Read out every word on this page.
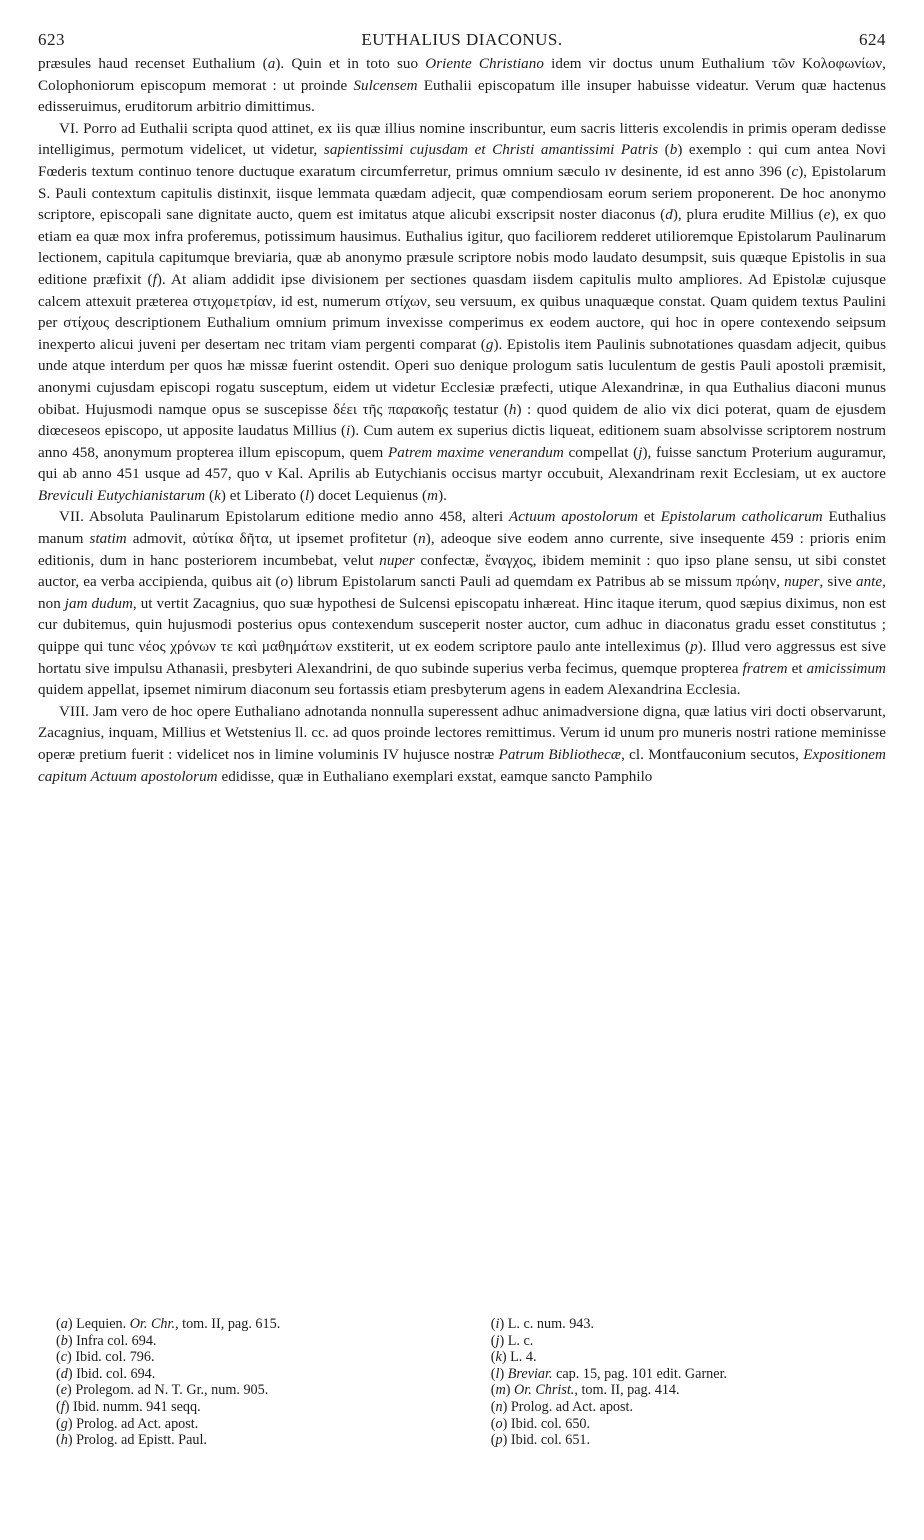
623	EUTHALIUS DIACONUS.	624

præsules haud recenset Euthalium (a). Quin et in toto suo Oriente Christiano idem vir doctus unum Euthalium τῶν Κολοφωνίων, Colophoniorum episcopum memorat : ut proinde Sulcensem Euthalii episcopatum ille insuper habuisse videatur. Verum quæ hactenus edisseruimus, eruditorum arbitrio dimittimus.

VI. Porro ad Euthalii scripta quod attinet, ex iis quæ illius nomine inscribuntur, eum sacris litteris excolendis in primis operam dedisse intelligimus, permotum videlicet, ut videtur, sapientissimi cujusdam et Christi amantissimi Patris (b) exemplo : qui cum antea Novi Fœderis textum continuo tenore ductuque exaratum circumferretur, primus omnium sæculo ıv desinente, id est anno 396 (c), Epistolarum S. Pauli contextum capitulis distinxit, iisque lemmata quædam adjecit, quæ compendiosam eorum seriem proponerent. De hoc anonymo scriptore, episcopali sane dignitate aucto, quem est imitatus atque alicubi exscripsit noster diaconus (d), plura erudite Millius (e), ex quo etiam ea quæ mox infra proferemus, potissimum hausimus. Euthalius igitur, quo faciliorem redderet utilioremque Epistolarum Paulinarum lectionem, capitula capitumque breviaria, quæ ab anonymo præsule scriptore nobis modo laudato desumpsit, suis quæque Epistolis in sua editione præfixit (f). At aliam addidit ipse divisionem per sectiones quasdam iisdem capitulis multo ampliores. Ad Epistolæ cujusque calcem attexuit præterea στιχομετρίαν, id est, numerum στίχων, seu versuum, ex quibus unaquæque constat. Quam quidem textus Paulini per στίχους descriptionem Euthalium omnium primum invexisse comperimus ex eodem auctore, qui hoc in opere contexendo seipsum inexperto alicui juveni per desertam nec tritam viam pergenti comparat (g). Epistolis item Paulinis subnotationes quasdam adjecit, quibus unde atque interdum per quos hæ missæ fuerint ostendit. Operi suo denique prologum satis luculentum de gestis Pauli apostoli præmisit, anonymi cujusdam episcopi rogatu susceptum, eidem ut videtur Ecclesiæ præfecti, utique Alexandrinæ, in qua Euthalius diaconi munus obibat. Hujusmodi namque opus se suscepisse δέει τῆς παρακοῆς testatur (h) : quod quidem de alio vix dici poterat, quam de ejusdem diœceseos episcopo, ut apposite laudatus Millius (i). Cum autem ex superius dictis liqueat, editionem suam absolvisse scriptorem nostrum anno 458, anonymum propterea illum episcopum, quem Patrem maxime venerandum compellat (j), fuisse sanctum Proterium auguramur, qui ab anno 451 usque ad 457, quo v Kal. Aprilis ab Eutychianis occisus martyr occubuit, Alexandrinam rexit Ecclesiam, ut ex auctore Breviculi Eutychianistarum (k) et Liberato (l) docet Lequienus (m).

VII. Absoluta Paulinarum Epistolarum editione medio anno 458, alteri Actuum apostolorum et Epistolarum catholicarum Euthalius manum statim admovit, αὐτίκα δῆτα, ut ipsemet profitetur (n), adeoque sive eodem anno currente, sive insequente 459 : prioris enim editionis, dum in hanc posteriorem incumbebat, velut nuper confectæ, ἔναγχος, ibidem meminit : quo ipso plane sensu, ut sibi constet auctor, ea verba accipienda, quibus ait (o) librum Epistolarum sancti Pauli ad quemdam ex Patribus ab se missum πρώην, nuper, sive ante, non jam dudum, ut vertit Zacagnius, quo suæ hypothesi de Sulcensi episcopatu inhæreat. Hinc itaque iterum, quod sæpius diximus, non est cur dubitemus, quin hujusmodi posterius opus contexendum susceperit noster auctor, cum adhuc in diaconatus gradu esset constitutus ; quippe qui tunc νέος χρόνων τε καὶ μαθημάτων exstiterit, ut ex eodem scriptore paulo ante intelleximus (p). Illud vero aggressus est sive hortatu sive impulsu Athanasii, presbyteri Alexandrini, de quo subinde superius verba fecimus, quemque propterea fratrem et amicissimum quidem appellat, ipsemet nimirum diaconum seu fortassis etiam presbyterum agens in eadem Alexandrina Ecclesia.

VIII. Jam vero de hoc opere Euthaliano adnotanda nonnulla superessent adhuc animadversione digna, quæ latius viri docti observarunt, Zacagnius, inquam, Millius et Wetstenius ll. cc. ad quos proinde lectores remittimus. Verum id unum pro muneris nostri ratione meminisse operæ pretium fuerit : videlicet nos in limine voluminis IV hujusce nostræ Patrum Bibliothecæ, cl. Montfauconium secutos, Expositionem capitum Actuum apostolorum edidisse, quæ in Euthaliano exemplari exstat, eamque sancto Pamphilo

(a) Lequien. Or. Chr., tom. II, pag. 615.
(b) Infra col. 694.
(c) Ibid. col. 796.
(d) Ibid. col. 694.
(e) Prolegom. ad N. T. Gr., num. 905.
(f) Ibid. numm. 941 seqq.
(g) Prolog. ad Act. apost.
(h) Prolog. ad Epistt. Paul.
(i) L. c. num. 943.
(j) L. c.
(k) L. 4.
(l) Breviar. cap. 15, pag. 101 edit. Garner.
(m) Or. Christ., tom. II, pag. 414.
(n) Prolog. ad Act. apost.
(o) Ibid. col. 650.
(p) Ibid. col. 651.
